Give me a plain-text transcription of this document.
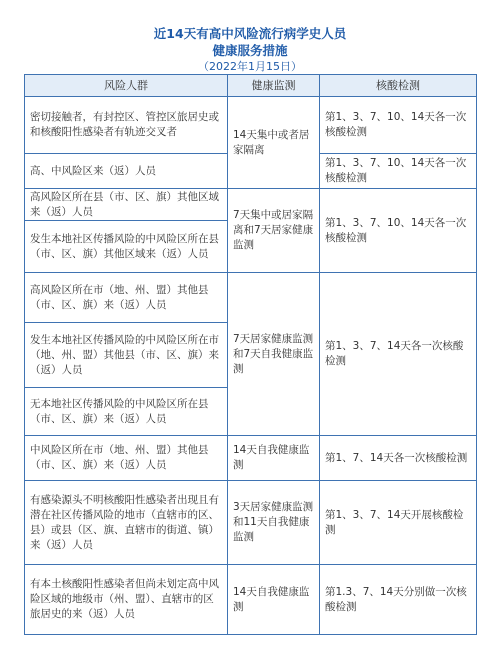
近14天有高中风险流行病学史人员
健康服务措施
（2022年1月15日）
风险人群	健康监测	核酸检测
密切接触者，有封控区、管控区旅居史或和核酸阳性感染者有轨迹交叉者	14天集中或者居家隔离	第1、3、7、10、14天各一次核酸检测
高、中风险区来（返）人员		第1、3、7、10、14天各一次核酸检测
高风险区所在县（市、区、旗）其他区域来（返）人员	7天集中或居家隔离和7天居家健康监测	第1、3、7、10、14天各一次核酸检测
发生本地社区传播风险的中风险区所在县（市、区、旗）其他区域来（返）人员		
高风险区所在市（地、州、盟）其他县（市、区、旗）来（返）人员	7天居家健康监测和7天自我健康监测	第1、3、7、14天各一次核酸检测
发生本地社区传播风险的中风险区所在市（地、州、盟）其他县（市、区、旗）来（返）人员		
无本地社区传播风险的中风险区所在县（市、区、旗）来（返）人员		
中风险区所在市（地、州、盟）其他县（市、区、旗）来（返）人员	14天自我健康监测	第1、7、14天各一次核酸检测
有感染源头不明核酸阳性感染者出现且有潜在社区传播风险的地市（直辖市的区、县）或县（区、旗、直辖市的街道、镇）来（返）人员	3天居家健康监测和11天自我健康监测	第1、3、7、14天开展核酸检测
有本土核酸阳性感染者但尚未划定高中风险区域的地级市（州、盟）、直辖市的区旅居史的来（返）人员	14天自我健康监测	第1.3、7、14天分别做一次核酸检测
